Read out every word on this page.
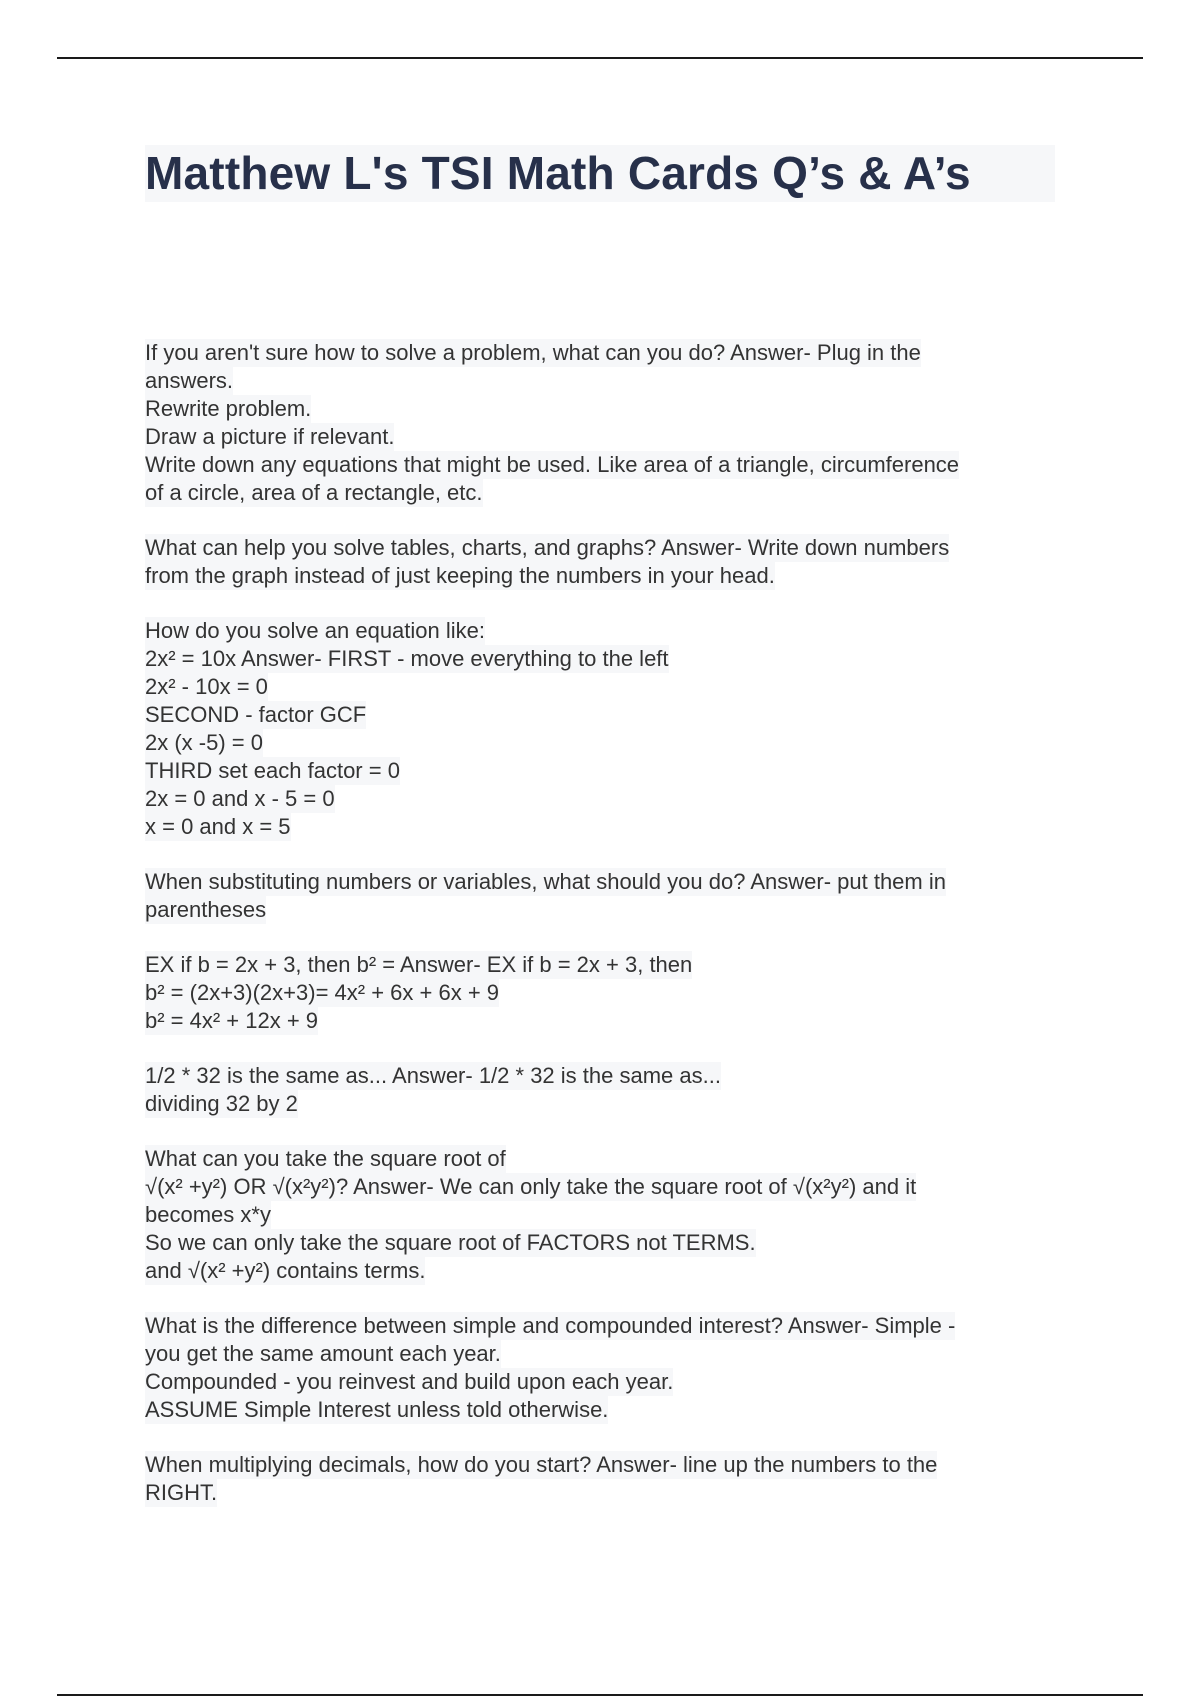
Matthew L's TSI Math Cards Q’s & A’s
If you aren't sure how to solve a problem, what can you do? Answer- Plug in the
answers.
Rewrite problem.
Draw a picture if relevant.
Write down any equations that might be used. Like area of a triangle, circumference
of a circle, area of a rectangle, etc.
What can help you solve tables, charts, and graphs? Answer- Write down numbers
from the graph instead of just keeping the numbers in your head.
How do you solve an equation like:
2x² = 10x Answer- FIRST - move everything to the left
2x² - 10x = 0
SECOND - factor GCF
2x (x -5) = 0
THIRD set each factor = 0
2x = 0 and x - 5 = 0
x = 0 and x = 5
When substituting numbers or variables, what should you do? Answer- put them in
parentheses
EX if b = 2x + 3, then b² = Answer- EX if b = 2x + 3, then
b² = (2x+3)(2x+3)= 4x² + 6x + 6x + 9
b² = 4x² + 12x + 9
1/2 * 32 is the same as... Answer- 1/2 * 32 is the same as...
dividing 32 by 2
What can you take the square root of
√(x² +y²) OR √(x²y²)? Answer- We can only take the square root of √(x²y²) and it
becomes x*y
So we can only take the square root of FACTORS not TERMS.
and √(x² +y²) contains terms.
What is the difference between simple and compounded interest? Answer- Simple -
you get the same amount each year.
Compounded - you reinvest and build upon each year.
ASSUME Simple Interest unless told otherwise.
When multiplying decimals, how do you start? Answer- line up the numbers to the
RIGHT.
